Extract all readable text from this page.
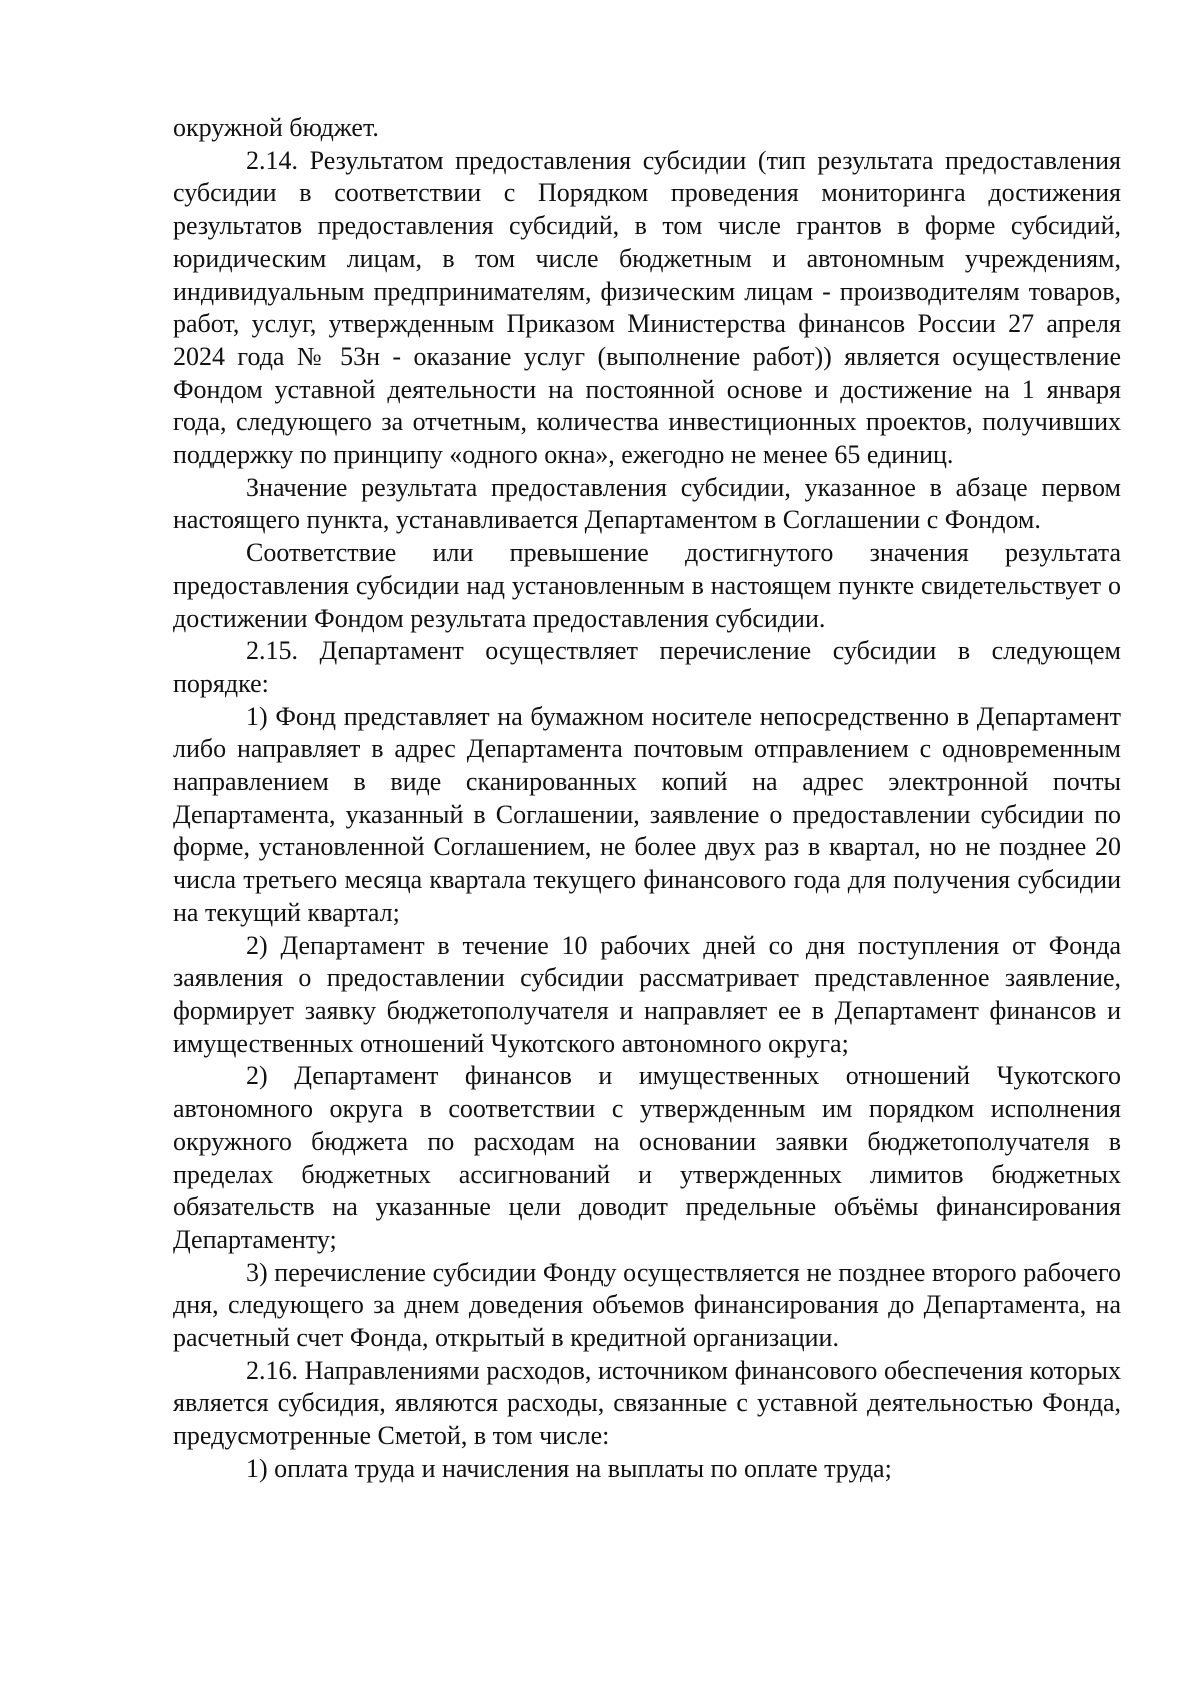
окружной бюджет.

2.14. Результатом предоставления субсидии (тип результата предоставления субсидии в соответствии с Порядком проведения мониторинга достижения результатов предоставления субсидий, в том числе грантов в форме субсидий, юридическим лицам, в том числе бюджетным и автономным учреждениям, индивидуальным предпринимателям, физическим лицам - производителям товаров, работ, услуг, утвержденным Приказом Министерства финансов России 27 апреля 2024 года № 53н - оказание услуг (выполнение работ)) является осуществление Фондом уставной деятельности на постоянной основе и достижение на 1 января года, следующего за отчетным, количества инвестиционных проектов, получивших поддержку по принципу «одного окна», ежегодно не менее 65 единиц.

Значение результата предоставления субсидии, указанное в абзаце первом настоящего пункта, устанавливается Департаментом в Соглашении с Фондом.

Соответствие или превышение достигнутого значения результата предоставления субсидии над установленным в настоящем пункте свидетельствует о достижении Фондом результата предоставления субсидии.

2.15. Департамент осуществляет перечисление субсидии в следующем порядке:

1) Фонд представляет на бумажном носителе непосредственно в Департамент либо направляет в адрес Департамента почтовым отправлением с одновременным направлением в виде сканированных копий на адрес электронной почты Департамента, указанный в Соглашении, заявление о предоставлении субсидии по форме, установленной Соглашением, не более двух раз в квартал, но не позднее 20 числа третьего месяца квартала текущего финансового года для получения субсидии на текущий квартал;

2) Департамент в течение 10 рабочих дней со дня поступления от Фонда заявления о предоставлении субсидии рассматривает представленное заявление, формирует заявку бюджетополучателя и направляет ее в Департамент финансов и имущественных отношений Чукотского автономного округа;

2) Департамент финансов и имущественных отношений Чукотского автономного округа в соответствии с утвержденным им порядком исполнения окружного бюджета по расходам на основании заявки бюджетополучателя в пределах бюджетных ассигнований и утвержденных лимитов бюджетных обязательств на указанные цели доводит предельные объёмы финансирования Департаменту;

3) перечисление субсидии Фонду осуществляется не позднее второго рабочего дня, следующего за днем доведения объемов финансирования до Департамента, на расчетный счет Фонда, открытый в кредитной организации.

2.16. Направлениями расходов, источником финансового обеспечения которых является субсидия, являются расходы, связанные с уставной деятельностью Фонда, предусмотренные Сметой, в том числе:

1) оплата труда и начисления на выплаты по оплате труда;
